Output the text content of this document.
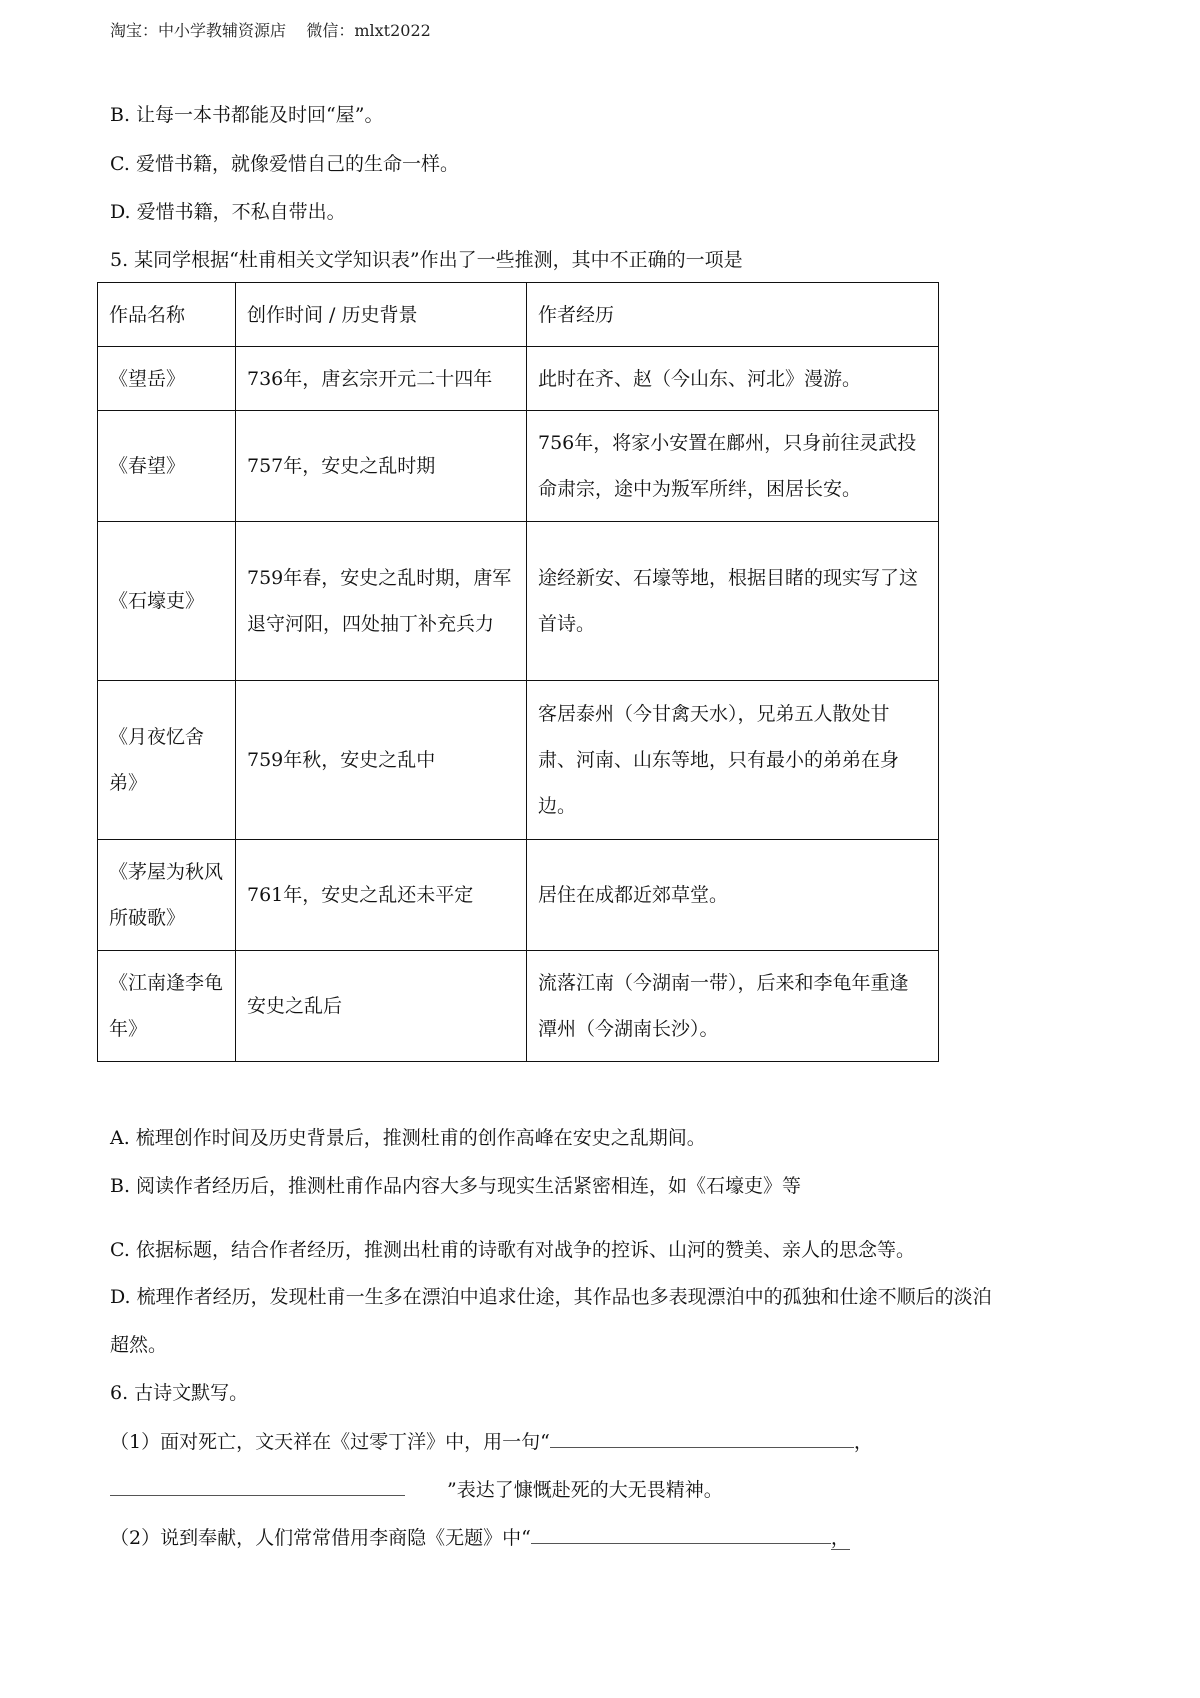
淘宝：中小学教辅资源店    微信：mlxt2022
B. 让每一本书都能及时回“屋”。
C. 爱惜书籍，就像爱惜自己的生命一样。
D. 爱惜书籍，不私自带出。
5. 某同学根据“杜甫相关文学知识表”作出了一些推测，其中不正确的一项是
作品名称	创作时间 / 历史背景	作者经历
《望岳》	736年，唐玄宗开元二十四年	此时在齐、赵（今山东、河北》漫游。
《春望》	757年，安史之乱时期	756年，将家小安置在鄜州，只身前往灵武投命肃宗，途中为叛军所绊，困居长安。
《石壕吏》	759年春，安史之乱时期，唐军退守河阳，四处抽丁补充兵力	途经新安、石壕等地，根据目睹的现实写了这首诗。
《月夜忆舍弟》	759年秋，安史之乱中	客居泰州（今甘禽天水），兄弟五人散处甘肃、河南、山东等地，只有最小的弟弟在身边。
《茅屋为秋风所破歌》	761年，安史之乱还未平定	居住在成都近郊草堂。
《江南逢李龟年》	安史之乱后	流落江南（今湖南一带），后来和李龟年重逢 潭州（今湖南长沙）。
A. 梳理创作时间及历史背景后，推测杜甫的创作高峰在安史之乱期间。
B. 阅读作者经历后，推测杜甫作品内容大多与现实生活紧密相连，如《石壕吏》等
C. 依据标题，结合作者经历，推测出杜甫的诗歌有对战争的控诉、山河的赞美、亲人的思念等。
D. 梳理作者经历，发现杜甫一生多在漂泊中追求仕途，其作品也多表现漂泊中的孤独和仕途不顺后的淡泊
超然。
6. 古诗文默写。
（1）面对死亡，文天祥在《过零丁洋》中，用一句“	，
”表达了慷慨赴死的大无畏精神。
（2）说到奉献，人们常常借用李商隐《无题》中“	，
